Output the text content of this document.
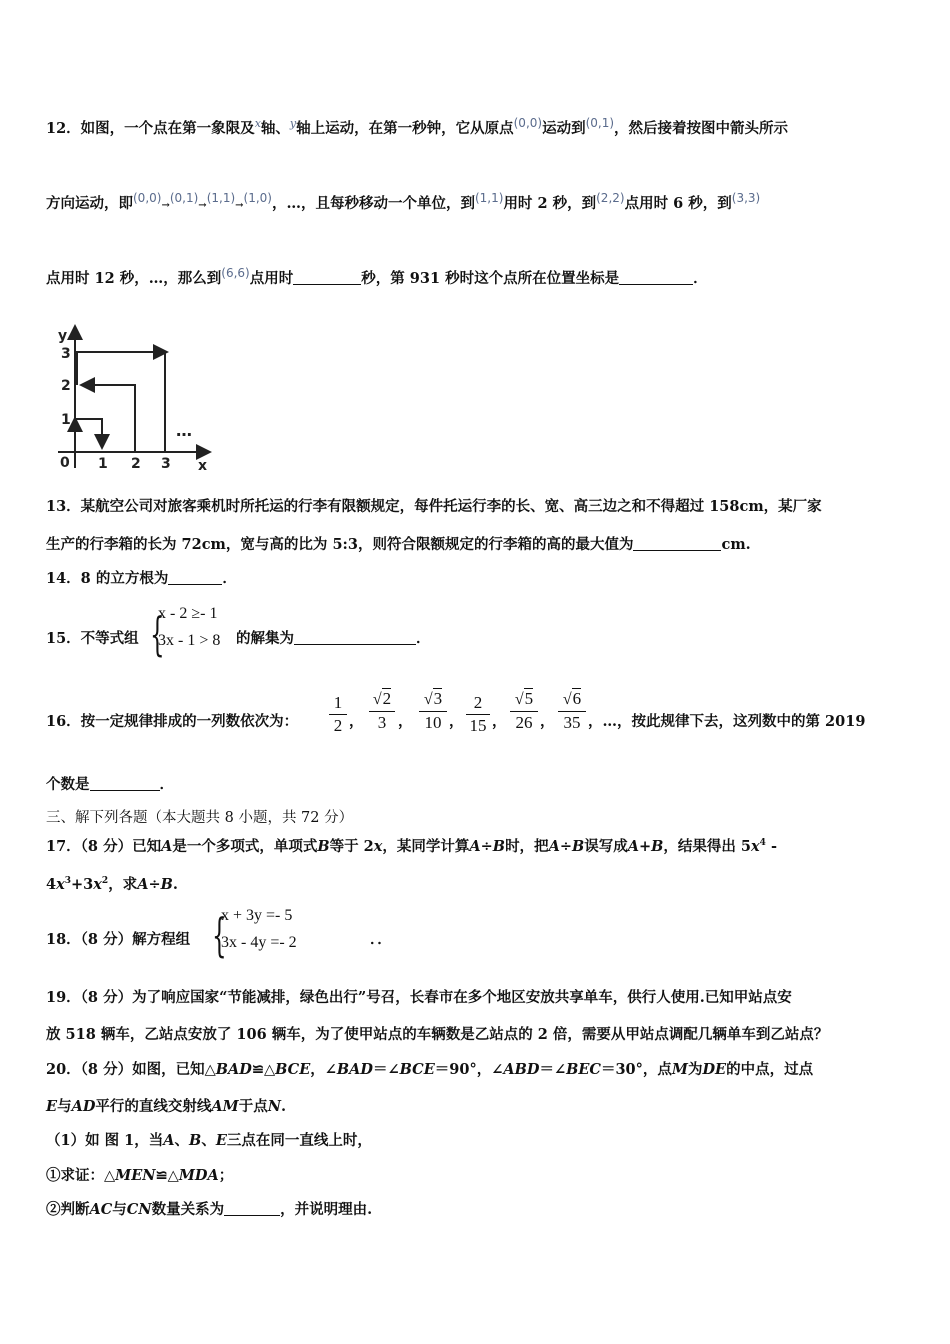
12．如图，一个点在第一象限及$^x$轴、$^y$轴上运动，在第一秒钟，它从原点$^{(0,0)}$运动到$^{(0,1)}$，然后接着按图中箭头所示
方向运动，即$^{(0,0)}$→$^{(0,1)}$→$^{(1,1)}$→$^{(1,0)}$，…，且每秒移动一个单位，到$^{(1,1)}$用时 2 秒，到$^{(2,2)}$点用时 6 秒，到$^{(3,3)}$
点用时 12 秒，…，那么到$^{(6,6)}$点用时	秒，第 931 秒时这个点所在位置坐标是	．
y
x
0 1 2 3
1
2
3
…
13．某航空公司对旅客乘机时所托运的行李有限额规定，每件托运行李的长、宽、高三边之和不得超过 158cm，某厂家
生产的行李箱的长为 72cm，宽与高的比为 5:3，则符合限额规定的行李箱的高的最大值为	cm.
14．8 的立方根为	．
15．不等式组 {
x - 2 ≥- 1
3x - 1 > 8 的解集为	．
16．按一定规律排成的一列数依次为：	$\frac{1}{2}$ ， $\frac{√2}{3}$ ， $\frac{√3}{10}$ ， $\frac{2}{15}$ ， $\frac{√5}{26}$ ， $\frac{√6}{35}$ ，…，按此规律下去，这列数中的第 2019
个数是	．
三、解下列各题（本大题共 8 小题，共 72 分）
17．（8 分）已知A是一个多项式，单项式B等于 2x，某同学计算A÷B时，把A÷B误写成A+B，结果得出 $5x^4$ -
$4x^3+3x^2$，求A÷B.
18．（8 分）解方程组 {
x + 3y =- 5
3x - 4y =- 2	．．
19．（8 分）为了响应国家“节能减排，绿色出行”号召，长春市在多个地区安放共享单车，供行人使用.已知甲站点安
放 518 辆车，乙站点安放了 106 辆车，为了使甲站点的车辆数是乙站点的 2 倍，需要从甲站点调配几辆单车到乙站点？
20．（8 分）如图，已知△BAD≌△BCE，∠BAD＝∠BCE＝90°，∠ABD＝∠BEC＝30°，点M为DE的中点，过点
E与AD平行的直线交射线AM于点N.
（1）如 图 1，当A、B、E三点在同一直线上时，
①求证：△MEN≌△MDA；
②判断AC与CN数量关系为	，并说明理由.
